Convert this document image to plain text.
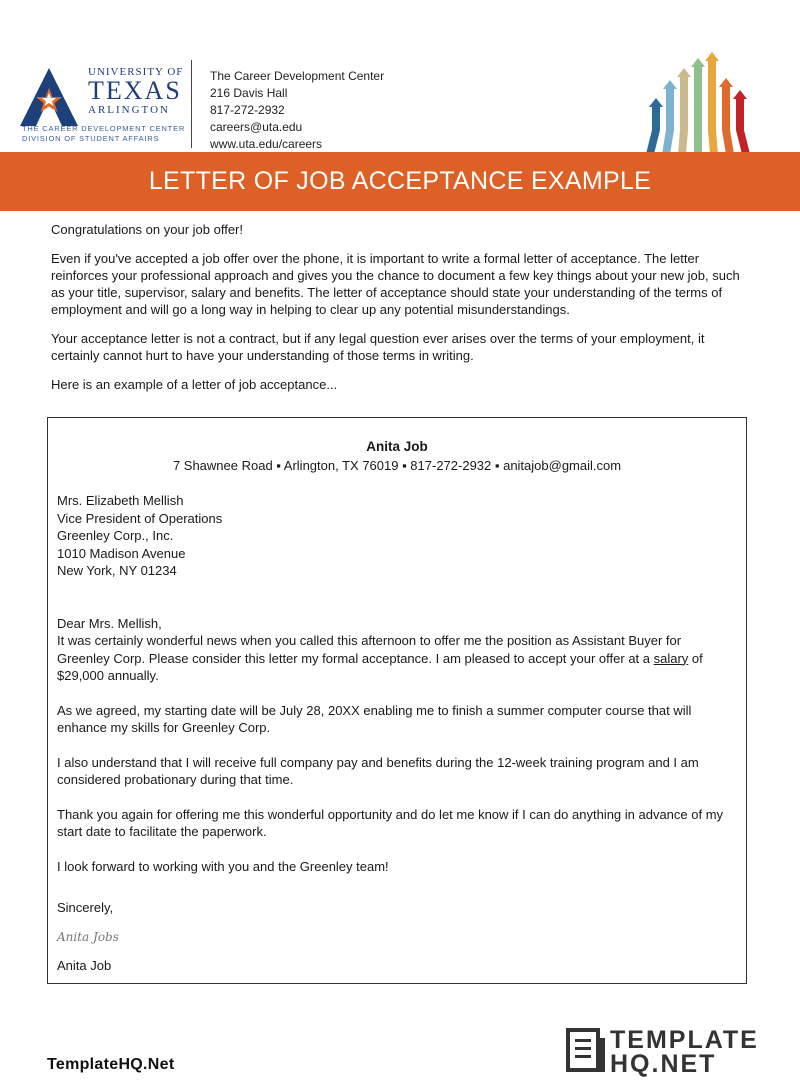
UNIVERSITY OF
TEXAS
ARLINGTON
THE CAREER DEVELOPMENT CENTER
DIVISION OF STUDENT AFFAIRS
The Career Development Center
216 Davis Hall
817-272-2932
careers@uta.edu
www.uta.edu/careers
LETTER OF JOB ACCEPTANCE EXAMPLE

Congratulations on your job offer!

Even if you've accepted a job offer over the phone, it is important to write a formal letter of acceptance. The letter reinforces your professional approach and gives you the chance to document a few key things about your new job, such as your title, supervisor, salary and benefits. The letter of acceptance should state your understanding of the terms of employment and will go a long way in helping to clear up any potential misunderstandings.

Your acceptance letter is not a contract, but if any legal question ever arises over the terms of your employment, it certainly cannot hurt to have your understanding of those terms in writing.

Here is an example of a letter of job acceptance...

Anita Job
7 Shawnee Road ▪ Arlington, TX 76019 ▪ 817-272-2932 ▪ anitajob@gmail.com
Mrs. Elizabeth Mellish
Vice President of Operations
Greenley Corp., Inc.
1010 Madison Avenue
New York, NY 01234
Dear Mrs. Mellish,

It was certainly wonderful news when you called this afternoon to offer me the position as Assistant Buyer for Greenley Corp. Please consider this letter my formal acceptance. I am pleased to accept your offer at a salary of $29,000 annually.

As we agreed, my starting date will be July 28, 20XX enabling me to finish a summer computer course that will enhance my skills for Greenley Corp.

I also understand that I will receive full company pay and benefits during the 12-week training program and I am considered probationary during that time.

Thank you again for offering me this wonderful opportunity and do let me know if I can do anything in advance of my start date to facilitate the paperwork.

I look forward to working with you and the Greenley team!

Sincerely,
Anita Jobs
Anita Job
TemplateHQ.Net
TEMPLATE
HQ.NET
